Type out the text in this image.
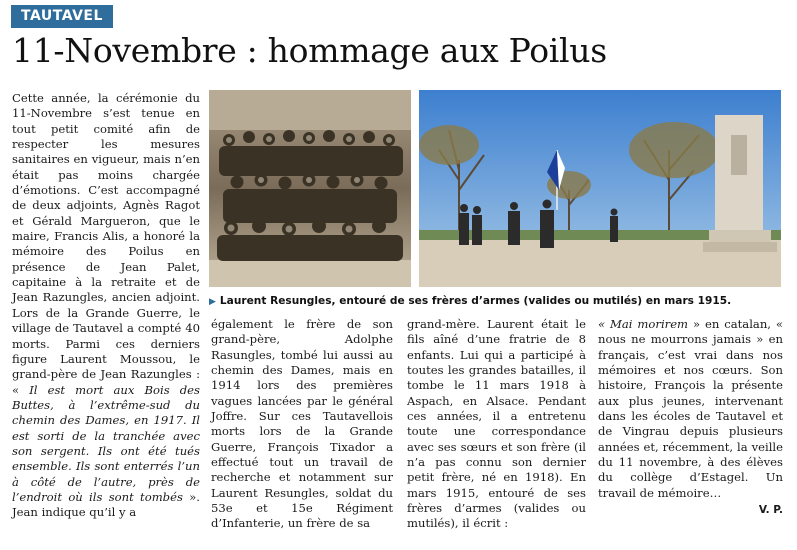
TAUTAVEL
11-Novembre : hommage aux Poilus

Cette année, la cérémonie du 11-Novembre s’est tenue en tout petit comité afin de respecter les mesures sanitaires en vigueur, mais n’en était pas moins chargée d’émotions. C’est accompagné de deux adjoints, Agnès Ragot et Gérald Margueron, que le maire, Francis Alis, a honoré la mémoire des Poilus en présence de Jean Palet, capitaine à la retraite et de Jean Razungles, ancien adjoint. Lors de la Grande Guerre, le village de Tautavel a compté 40 morts. Parmi ces derniers figure Laurent Moussou, le grand-père de Jean Razungles : « Il est mort aux Bois des Buttes, à l’extrême-sud du chemin des Dames, en 1917. Il est sorti de la tranchée avec son sergent. Ils ont été tués ensemble. Ils sont enterrés l’un à côté de l’autre, près de l’endroit où ils sont tombés ». Jean indique qu’il y a

▶ Laurent Resungles, entouré de ses frères d’armes (valides ou mutilés) en mars 1915.

également le frère de son grand-père, Adolphe Rasungles, tombé lui aussi au chemin des Dames, mais en 1914 lors des premières vagues lancées par le général Joffre. Sur ces Tautavellois morts lors de la Grande Guerre, François Tixador a effectué tout un travail de recherche et notamment sur Laurent Resungles, soldat du 53e et 15e Régiment d’Infanterie, un frère de sa

grand-mère. Laurent était le fils aîné d’une fratrie de 8 enfants. Lui qui a participé à toutes les grandes batailles, il tombe le 11 mars 1918 à Aspach, en Alsace. Pendant ces années, il a entretenu toute une correspondance avec ses sœurs et son frère (il n’a pas connu son dernier petit frère, né en 1918). En mars 1915, entouré de ses frères d’armes (valides ou mutilés), il écrit :

« Mai morirem » en catalan, « nous ne mourrons jamais » en français, c’est vrai dans nos mémoires et nos cœurs. Son histoire, François la présente aux plus jeunes, intervenant dans les écoles de Tautavel et de Vingrau depuis plusieurs années et, récemment, la veille du 11 novembre, à des élèves du collège d’Estagel. Un travail de mémoire…

V. P.
